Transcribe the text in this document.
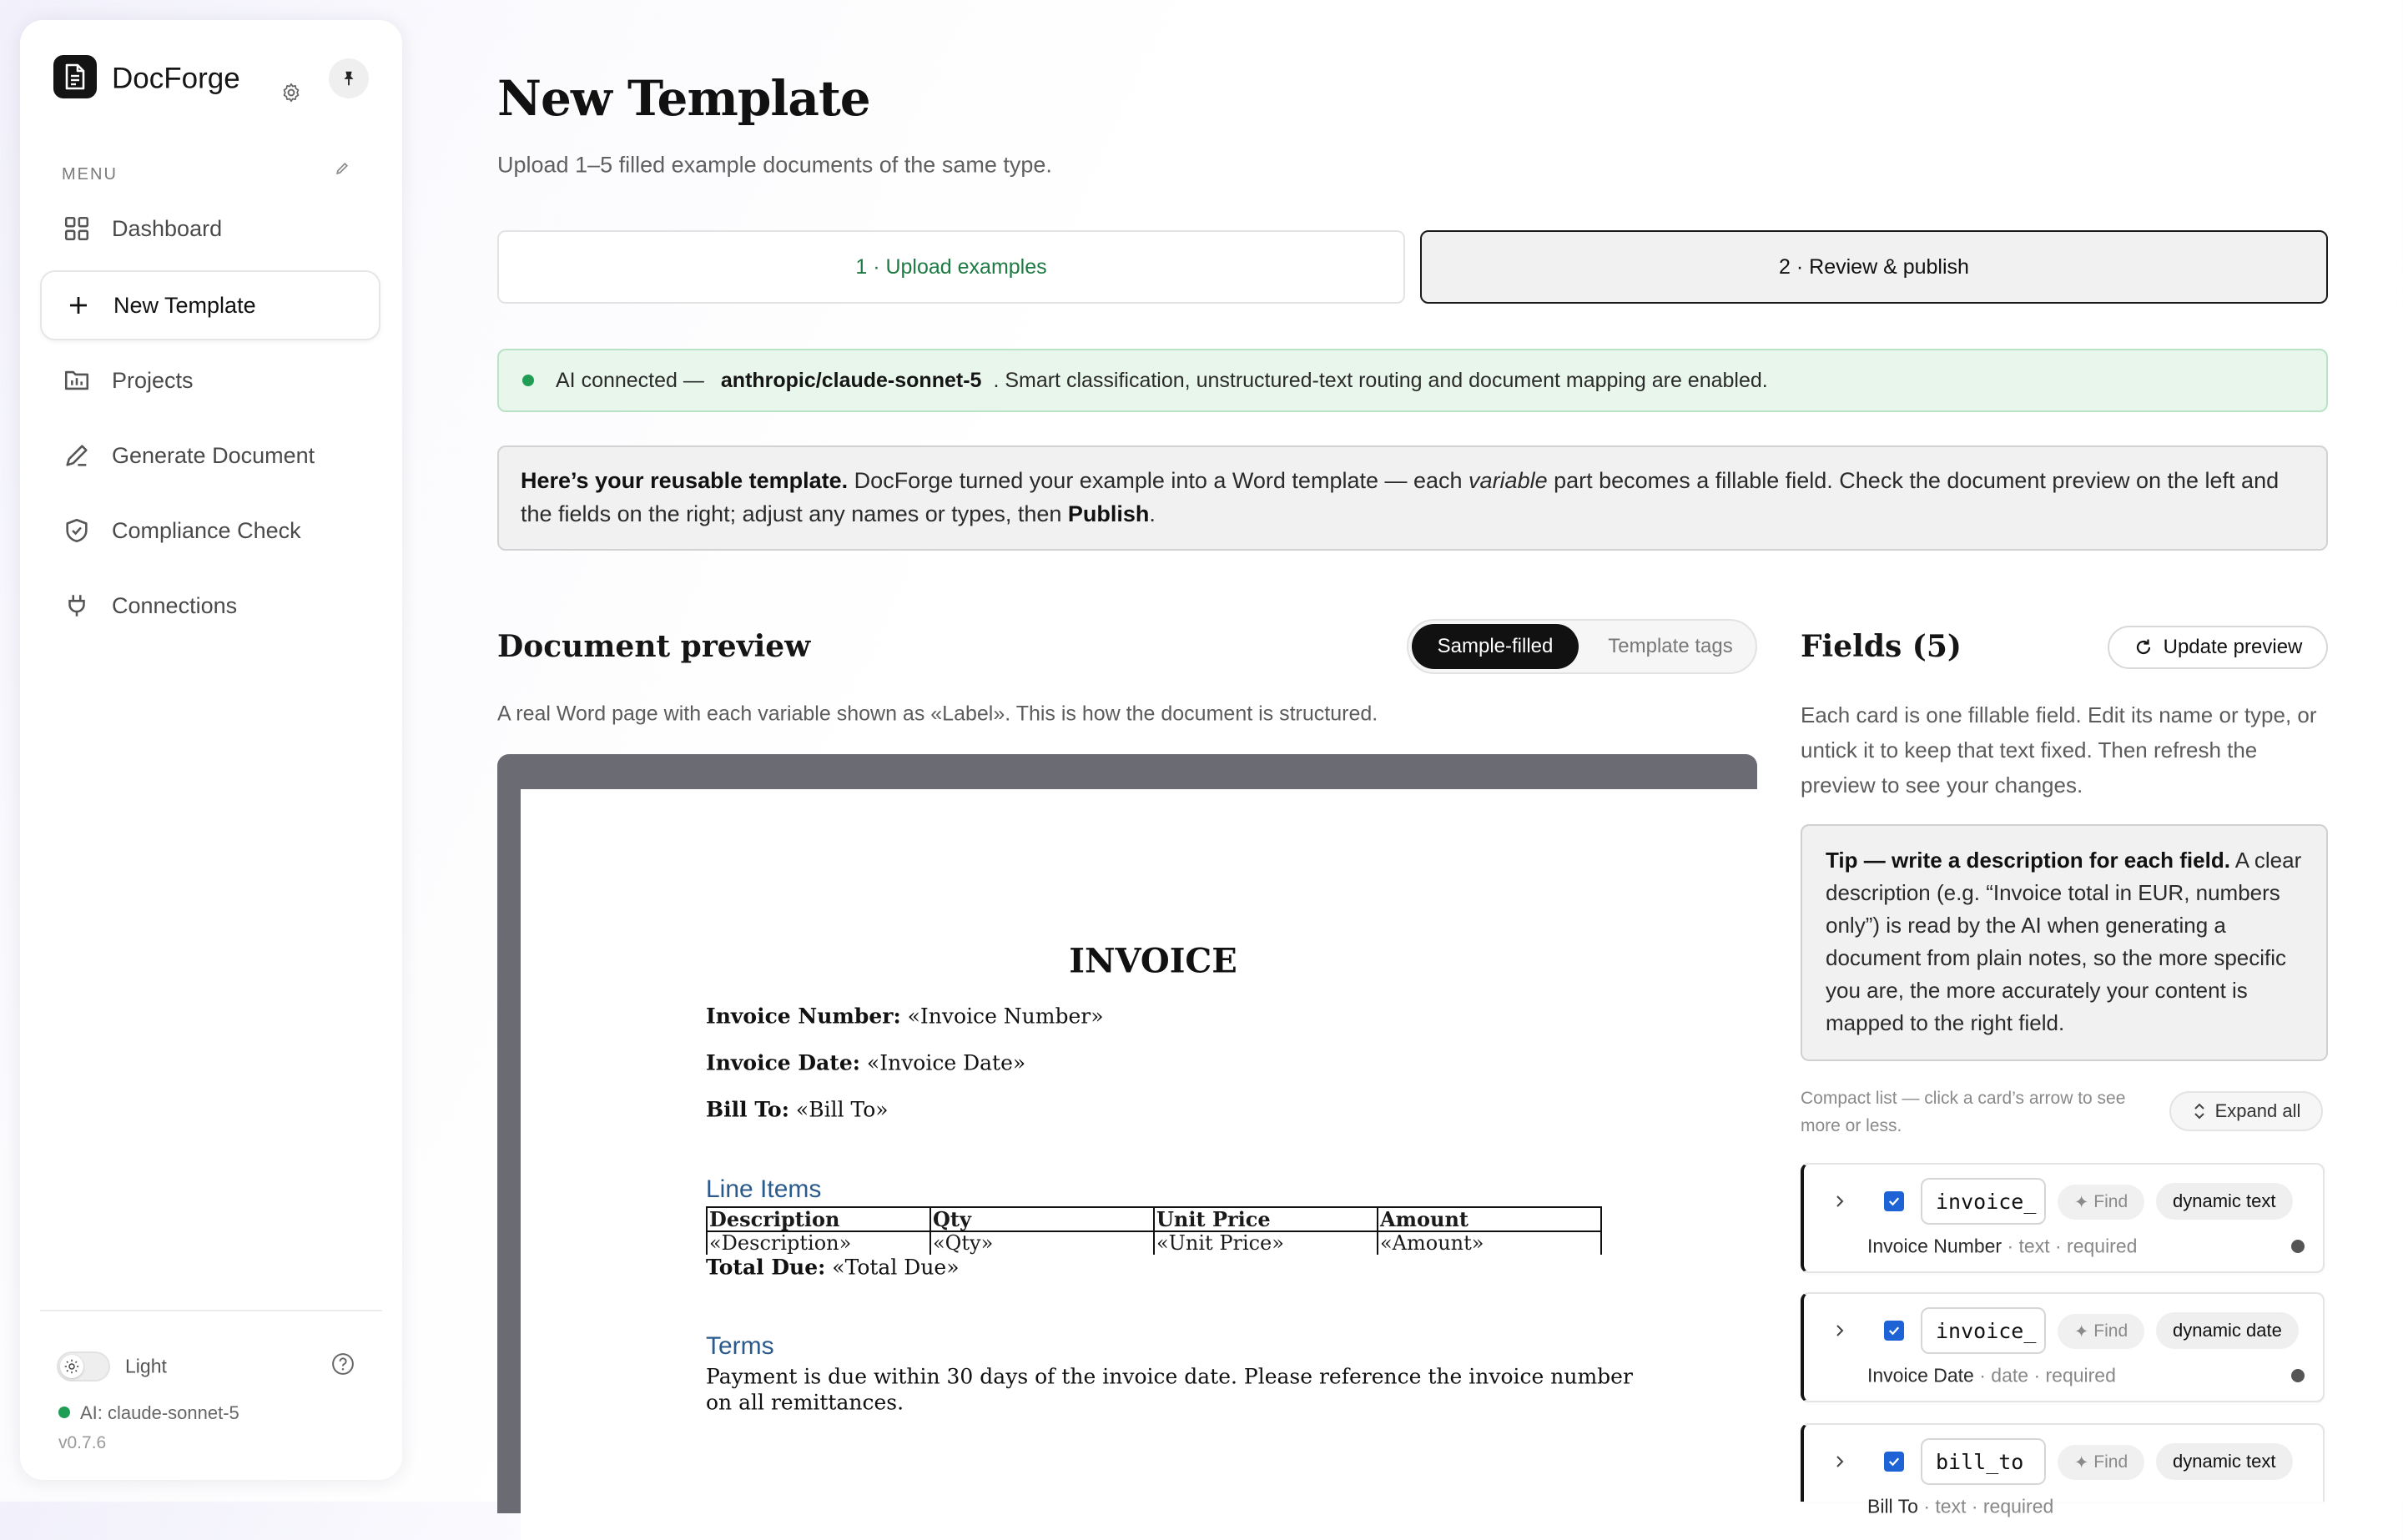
DocForge
MENU
Dashboard
New Template
Projects
Generate Document
Compliance Check
Connections
Light
AI: claude-sonnet-5
v0.7.6
New Template
Upload 1–5 filled example documents of the same type.
1 · Upload examples	2 · Review & publish
AI connected — anthropic/claude-sonnet-5 . Smart classification, unstructured-text routing and document mapping are enabled.
Here’s your reusable template. DocForge turned your example into a Word template — each variable part becomes a fillable field. Check the document preview on the left and the fields on the right; adjust any names or types, then Publish.
Document preview	Sample-filled	Template tags
A real Word page with each variable shown as «Label». This is how the document is structured.
INVOICE
Invoice Number: «Invoice Number»
Invoice Date: «Invoice Date»
Bill To: «Bill To»
Line Items
Description	Qty	Unit Price	Amount
«Description»	«Qty»	«Unit Price»	«Amount»
Total Due: «Total Due»
Terms
Payment is due within 30 days of the invoice date. Please reference the invoice number
on all remittances.
Fields (5)	Update preview
Each card is one fillable field. Edit its name or type, or untick it to keep that text fixed. Then refresh the preview to see your changes.
Tip — write a description for each field. A clear description (e.g. “Invoice total in EUR, numbers only”) is read by the AI when generating a document from plain notes, so the more specific you are, the more accurately your content is mapped to the right field.
Compact list — click a card’s arrow to see more or less.
Expand all
invoice_	✦ Find	dynamic text
Invoice Number · text · required
invoice_	✦ Find	dynamic date
Invoice Date · date · required
bill_to	✦ Find	dynamic text
Bill To · text · required
